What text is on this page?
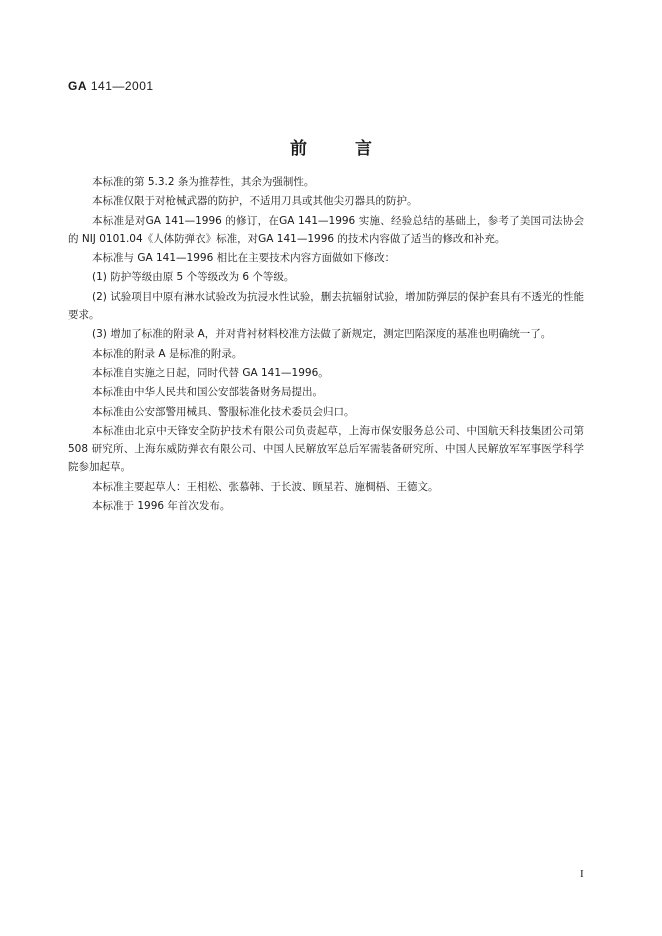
GA 141—2001
前言

本标准的第 5.3.2 条为推荐性，其余为强制性。

本标准仅限于对枪械武器的防护，不适用刀具或其他尖刃器具的防护。

本标准是对GA 141—1996 的修订，在GA 141—1996 实施、经验总结的基础上，参考了美国司法协会的 NIJ 0101.04《人体防弹衣》标准，对GA 141—1996 的技术内容做了适当的修改和补充。

本标准与 GA 141—1996 相比在主要技术内容方面做如下修改：

(1) 防护等级由原 5 个等级改为 6 个等级。

(2) 试验项目中原有淋水试验改为抗浸水性试验，删去抗辐射试验，增加防弹层的保护套具有不透光的性能要求。

(3) 增加了标准的附录 A，并对背衬材料校准方法做了新规定，测定凹陷深度的基准也明确统一了。

本标准的附录 A 是标准的附录。

本标准自实施之日起，同时代替 GA 141—1996。

本标准由中华人民共和国公安部装备财务局提出。

本标准由公安部警用械具、警服标准化技术委员会归口。

本标准由北京中天锋安全防护技术有限公司负责起草，上海市保安服务总公司、中国航天科技集团公司第 508 研究所、上海东威防弹衣有限公司、中国人民解放军总后军需装备研究所、中国人民解放军军事医学科学院参加起草。

本标准主要起草人：王相松、张慕韩、于长波、顾星若、施椆梧、王德文。

本标准于 1996 年首次发布。

I
